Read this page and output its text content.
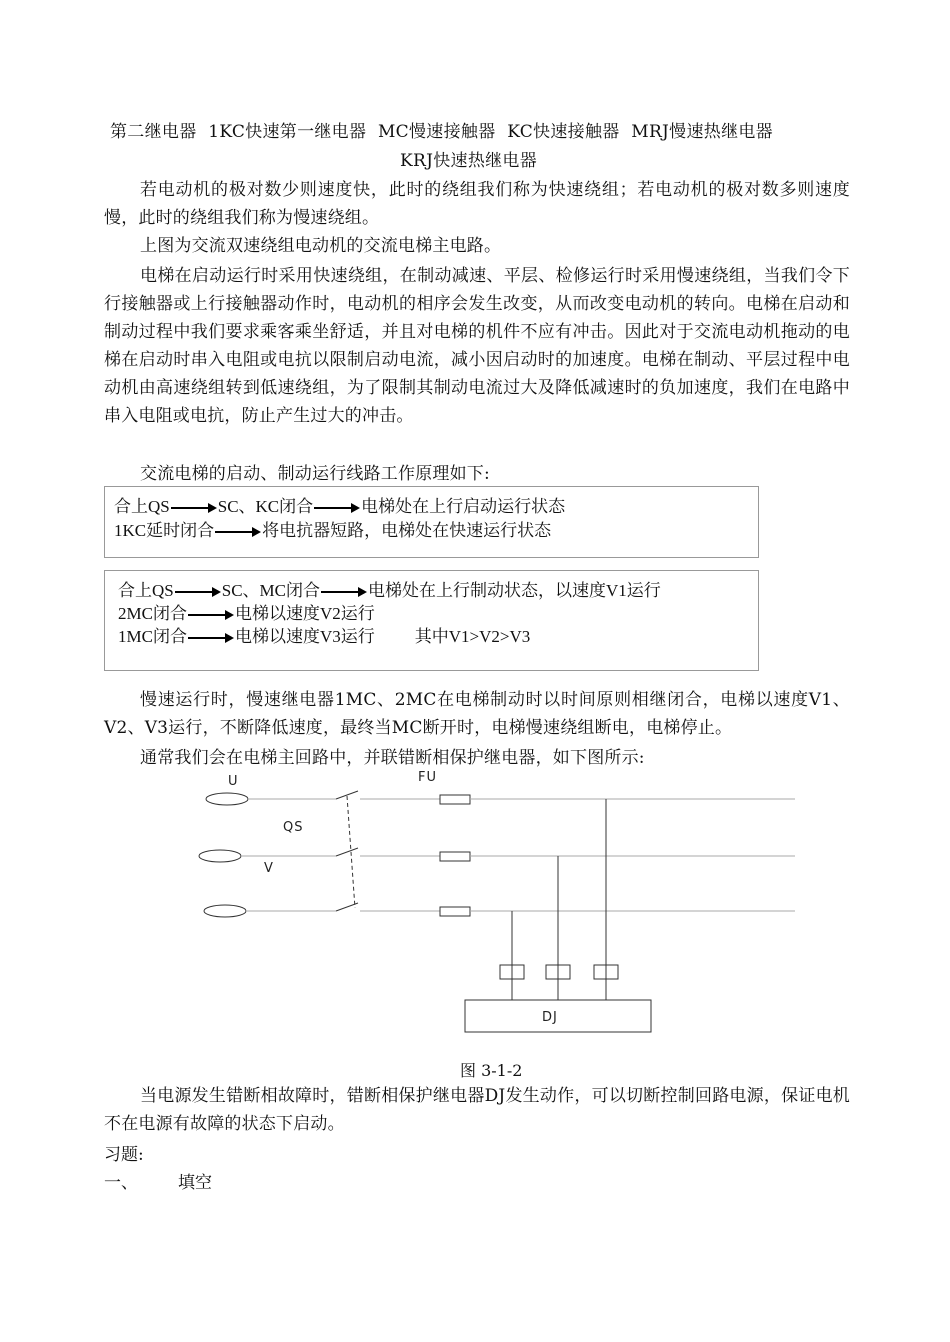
第二继电器 1KC快速第一继电器 MC慢速接触器 KC快速接触器 MRJ慢速热继电器
KRJ快速热继电器
若电动机的极对数少则速度快，此时的绕组我们称为快速绕组；若电动机的极对数多则速度慢，此时的绕组我们称为慢速绕组。
上图为交流双速绕组电动机的交流电梯主电路。
电梯在启动运行时采用快速绕组，在制动减速、平层、检修运行时采用慢速绕组，当我们令下行接触器或上行接触器动作时，电动机的相序会发生改变，从而改变电动机的转向。电梯在启动和制动过程中我们要求乘客乘坐舒适，并且对电梯的机件不应有冲击。因此对于交流电动机拖动的电梯在启动时串入电阻或电抗以限制启动电流，减小因启动时的加速度。电梯在制动、平层过程中电动机由高速绕组转到低速绕组，为了限制其制动电流过大及降低减速时的负加速度，我们在电路中串入电阻或电抗，防止产生过大的冲击。
交流电梯的启动、制动运行线路工作原理如下:
合上QS	SC、KC闭合	电梯处在上行启动运行状态
1KC延时闭合	将电抗器短路，电梯处在快速运行状态
合上QS	SC、MC闭合	电梯处在上行制动状态，以速度V1运行
2MC闭合	电梯以速度V2运行
1MC闭合	电梯以速度V3运行 其中V1>V2>V3
慢速运行时，慢速继电器1MC、2MC在电梯制动时以时间原则相继闭合，电梯以速度V1、V2、V3运行，不断降低速度，最终当MC断开时，电梯慢速绕组断电，电梯停止。
通常我们会在电梯主回路中，并联错断相保护继电器，如下图所示:
U
V
QS
FU
DJ
图 3-1-2
当电源发生错断相故障时，错断相保护继电器DJ发生动作，可以切断控制回路电源，保证电机不在电源有故障的状态下启动。
习题:
一、 填空
